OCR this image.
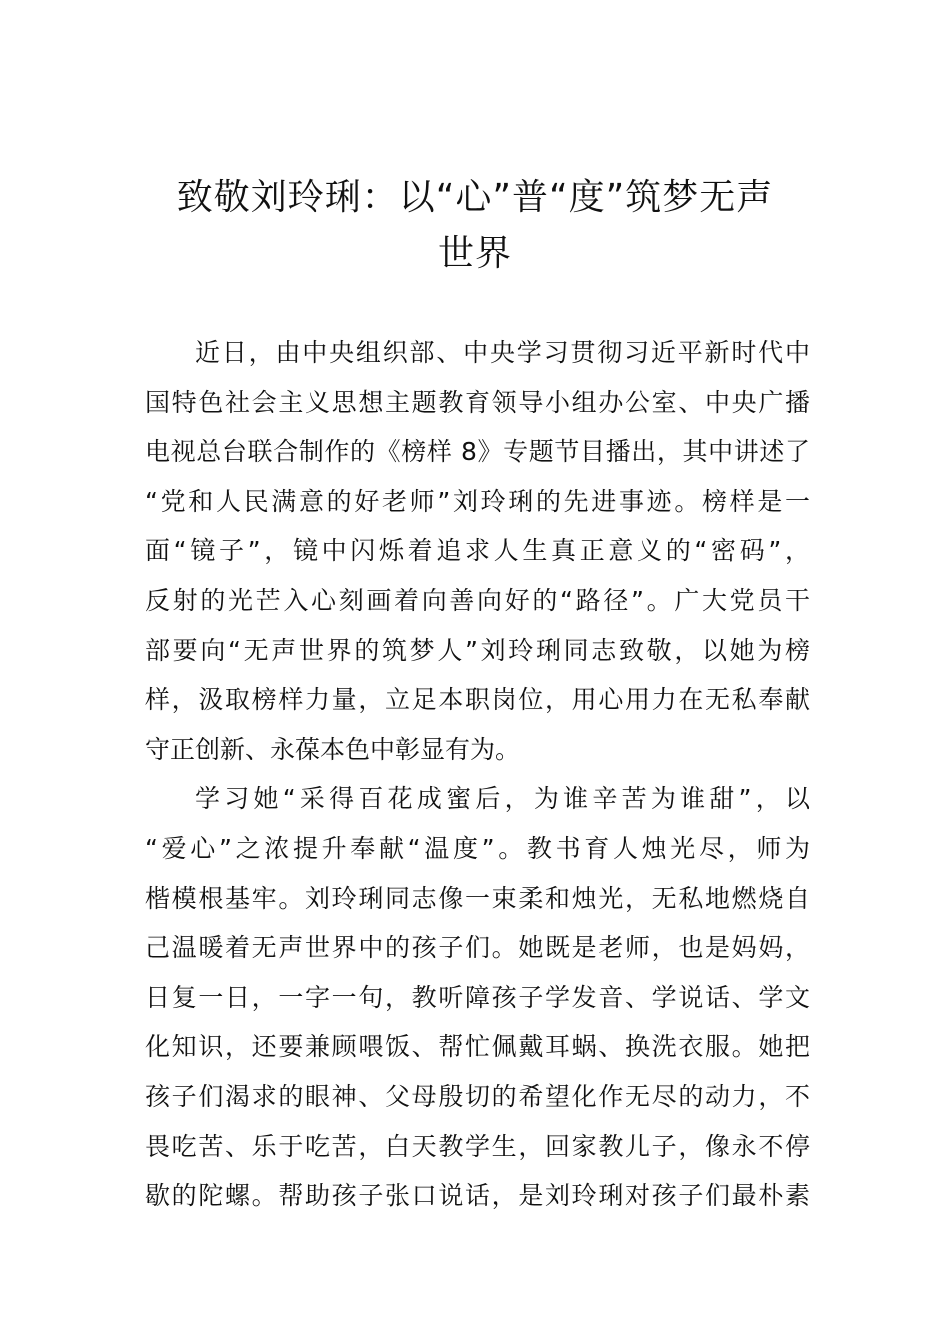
致敬刘玲琍：以“心”普“度”筑梦无声
世界
近日，由中央组织部、中央学习贯彻习近平新时代中
国特色社会主义思想主题教育领导小组办公室、中央广播
电视总台联合制作的《榜样 8》专题节目播出，其中讲述了
“党和人民满意的好老师”刘玲琍的先进事迹。榜样是一
面“镜子”，镜中闪烁着追求人生真正意义的“密码”，
反射的光芒入心刻画着向善向好的“路径”。广大党员干
部要向“无声世界的筑梦人”刘玲琍同志致敬，以她为榜
样，汲取榜样力量，立足本职岗位，用心用力在无私奉献
守正创新、永葆本色中彰显有为。
学习她“采得百花成蜜后，为谁辛苦为谁甜”，以
“爱心”之浓提升奉献“温度”。教书育人烛光尽，师为
楷模根基牢。刘玲琍同志像一束柔和烛光，无私地燃烧自
己温暖着无声世界中的孩子们。她既是老师，也是妈妈，
日复一日，一字一句，教听障孩子学发音、学说话、学文
化知识，还要兼顾喂饭、帮忙佩戴耳蜗、换洗衣服。她把
孩子们渴求的眼神、父母殷切的希望化作无尽的动力，不
畏吃苦、乐于吃苦，白天教学生，回家教儿子，像永不停
歇的陀螺。帮助孩子张口说话，是刘玲琍对孩子们最朴素
